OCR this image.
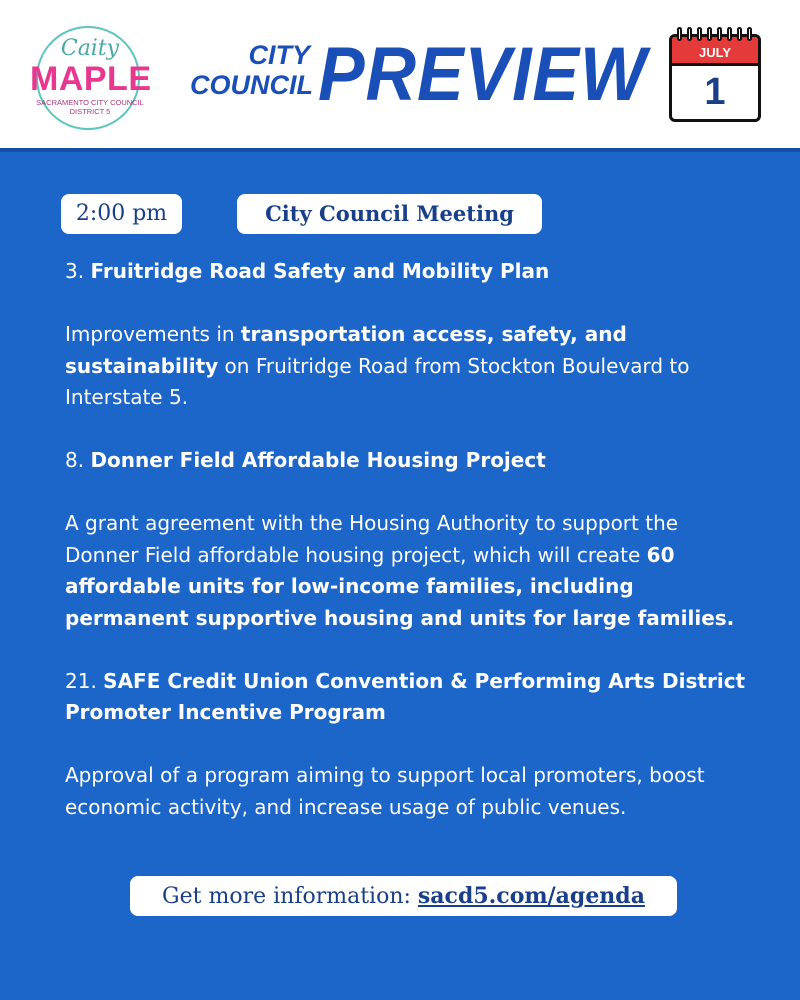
Caity
MAPLE
SACRAMENTO CITY COUNCIL
DISTRICT 5
CITY
COUNCIL PREVIEW	JULY
1
2:00 pm	City Council Meeting

3. Fruitridge Road Safety and Mobility Plan

Improvements in transportation access, safety, and sustainability on Fruitridge Road from Stockton Boulevard to Interstate 5.

8. Donner Field Affordable Housing Project

A grant agreement with the Housing Authority to support the Donner Field affordable housing project, which will create 60 affordable units for low-income families, including permanent supportive housing and units for large families.

21. SAFE Credit Union Convention & Performing Arts District Promoter Incentive Program

Approval of a program aiming to support local promoters, boost economic activity, and increase usage of public venues.

Get more information: sacd5.com/agenda
